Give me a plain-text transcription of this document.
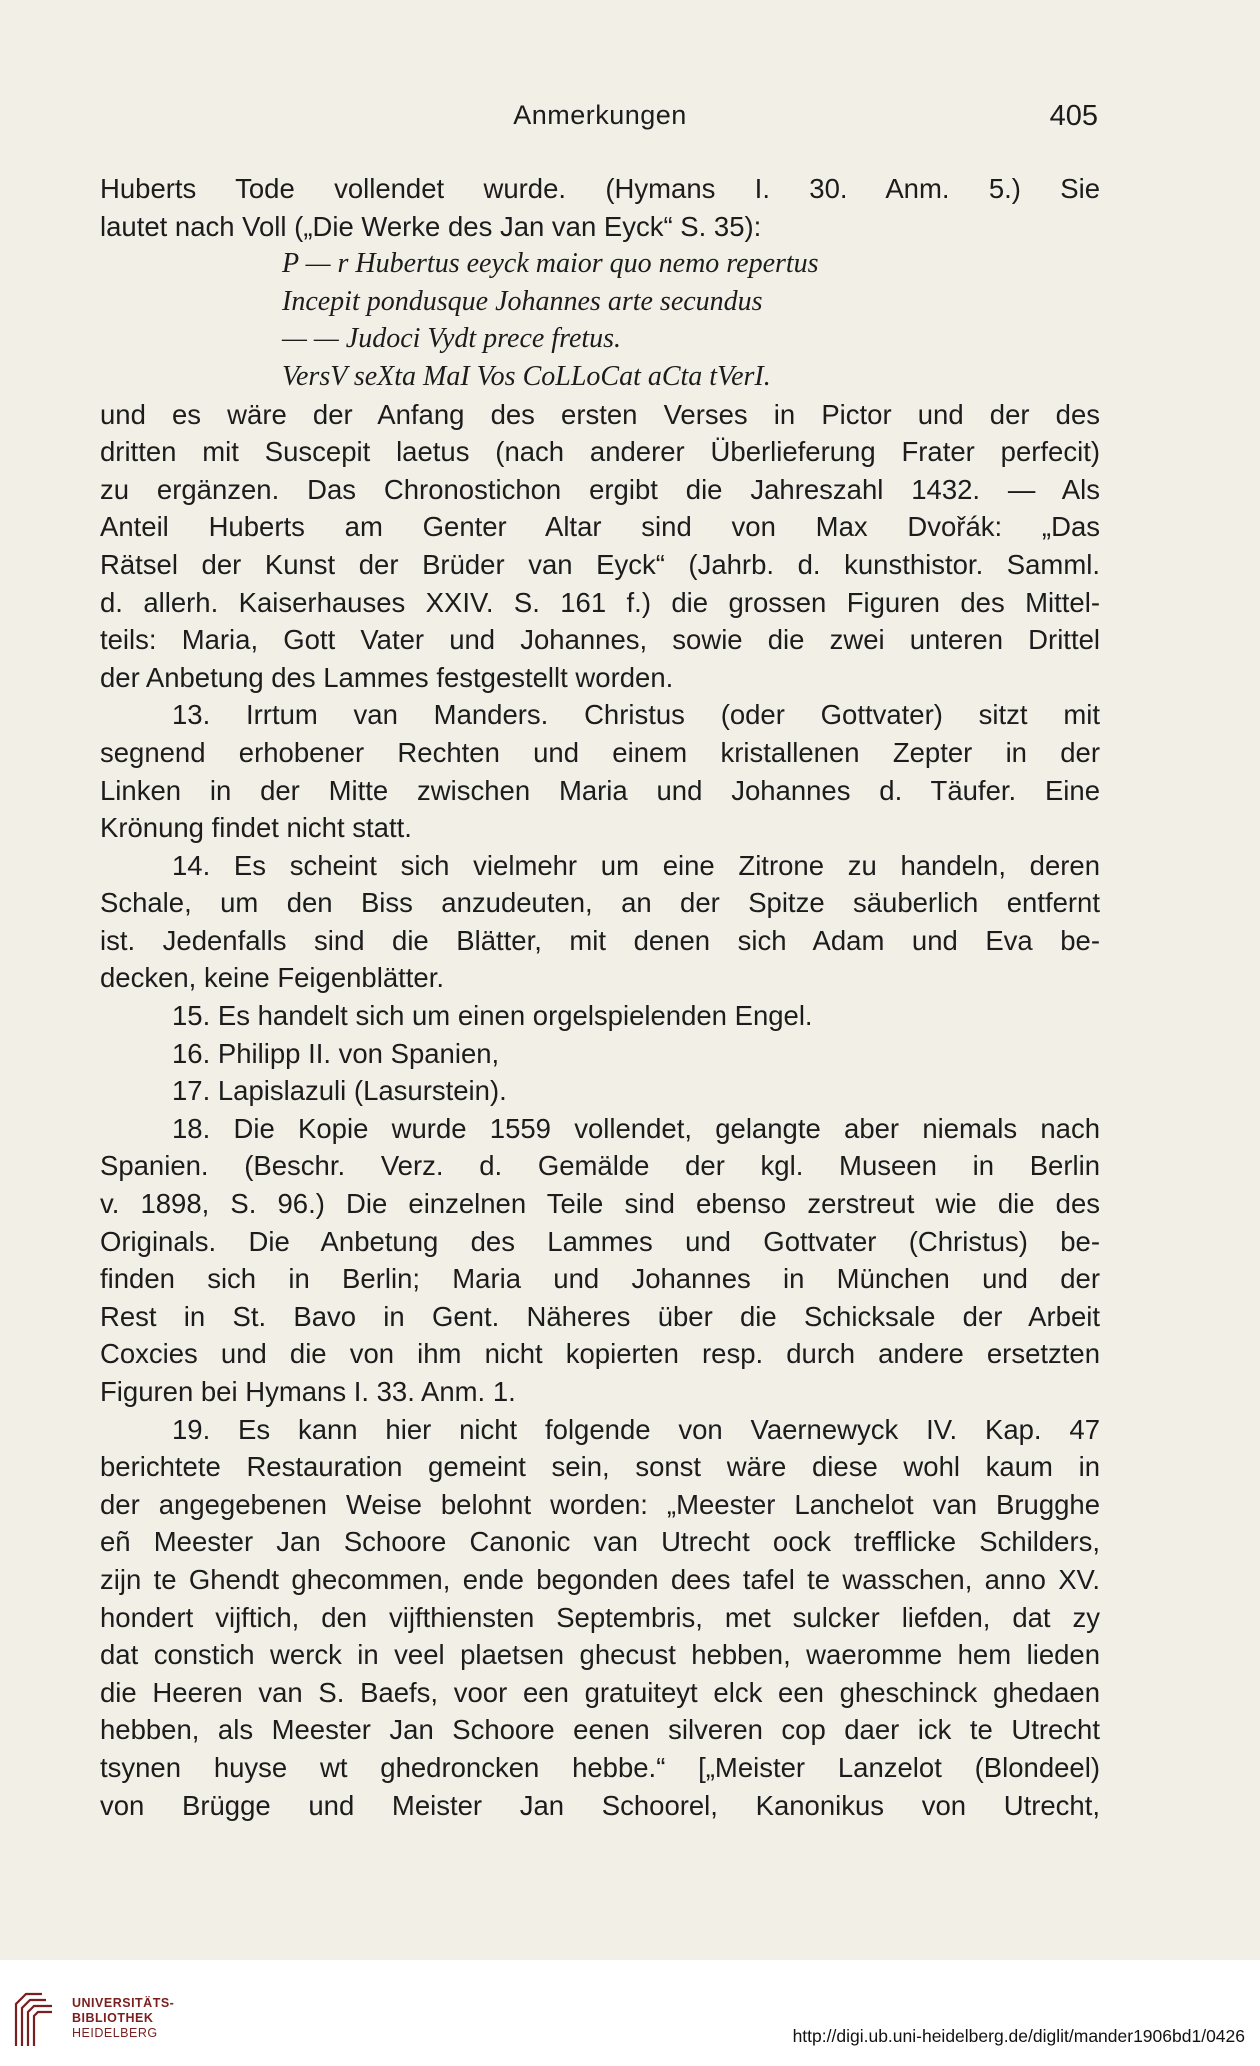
Anmerkungen	405
Huberts Tode vollendet wurde. (Hymans I. 30. Anm. 5.) Sie
lautet nach Voll („Die Werke des Jan van Eyck“ S. 35):
P — r Hubertus eeyck maior quo nemo repertus
Incepit pondusque Johannes arte secundus
— — Judoci Vydt prece fretus.
VersV seXta MaI Vos CoLLoCat aCta tVerI.
und es wäre der Anfang des ersten Verses in Pictor und der des
dritten mit Suscepit laetus (nach anderer Überlieferung Frater perfecit)
zu ergänzen. Das Chronostichon ergibt die Jahreszahl 1432. — Als
Anteil Huberts am Genter Altar sind von Max Dvořák: „Das
Rätsel der Kunst der Brüder van Eyck“ (Jahrb. d. kunsthistor. Samml.
d. allerh. Kaiserhauses XXIV. S. 161 f.) die grossen Figuren des Mittel-
teils: Maria, Gott Vater und Johannes, sowie die zwei unteren Drittel
der Anbetung des Lammes festgestellt worden.
13. Irrtum van Manders. Christus (oder Gottvater) sitzt mit
segnend erhobener Rechten und einem kristallenen Zepter in der
Linken in der Mitte zwischen Maria und Johannes d. Täufer. Eine
Krönung findet nicht statt.
14. Es scheint sich vielmehr um eine Zitrone zu handeln, deren
Schale, um den Biss anzudeuten, an der Spitze säuberlich entfernt
ist. Jedenfalls sind die Blätter, mit denen sich Adam und Eva be-
decken, keine Feigenblätter.
15. Es handelt sich um einen orgelspielenden Engel.
16. Philipp II. von Spanien,
17. Lapislazuli (Lasurstein).
18. Die Kopie wurde 1559 vollendet, gelangte aber niemals nach
Spanien. (Beschr. Verz. d. Gemälde der kgl. Museen in Berlin
v. 1898, S. 96.) Die einzelnen Teile sind ebenso zerstreut wie die des
Originals. Die Anbetung des Lammes und Gottvater (Christus) be-
finden sich in Berlin; Maria und Johannes in München und der
Rest in St. Bavo in Gent. Näheres über die Schicksale der Arbeit
Coxcies und die von ihm nicht kopierten resp. durch andere ersetzten
Figuren bei Hymans I. 33. Anm. 1.
19. Es kann hier nicht folgende von Vaernewyck IV. Kap. 47
berichtete Restauration gemeint sein, sonst wäre diese wohl kaum in
der angegebenen Weise belohnt worden: „Meester Lanchelot van Brugghe
eñ Meester Jan Schoore Canonic van Utrecht oock trefflicke Schilders,
zijn te Ghendt ghecommen, ende begonden dees tafel te wasschen, anno XV.
hondert vijftich, den vijfthiensten Septembris, met sulcker liefden, dat zy
dat constich werck in veel plaetsen ghecust hebben, waeromme hem lieden
die Heeren van S. Baefs, voor een gratuiteyt elck een gheschinck ghedaen
hebben, als Meester Jan Schoore eenen silveren cop daer ick te Utrecht
tsynen huyse wt ghedroncken hebbe.“ [„Meister Lanzelot (Blondeel)
von Brügge und Meister Jan Schoorel, Kanonikus von Utrecht,
UNIVERSITÄTS-
BIBLIOTHEK
HEIDELBERG	http://digi.ub.uni-heidelberg.de/diglit/mander1906bd1/0426
